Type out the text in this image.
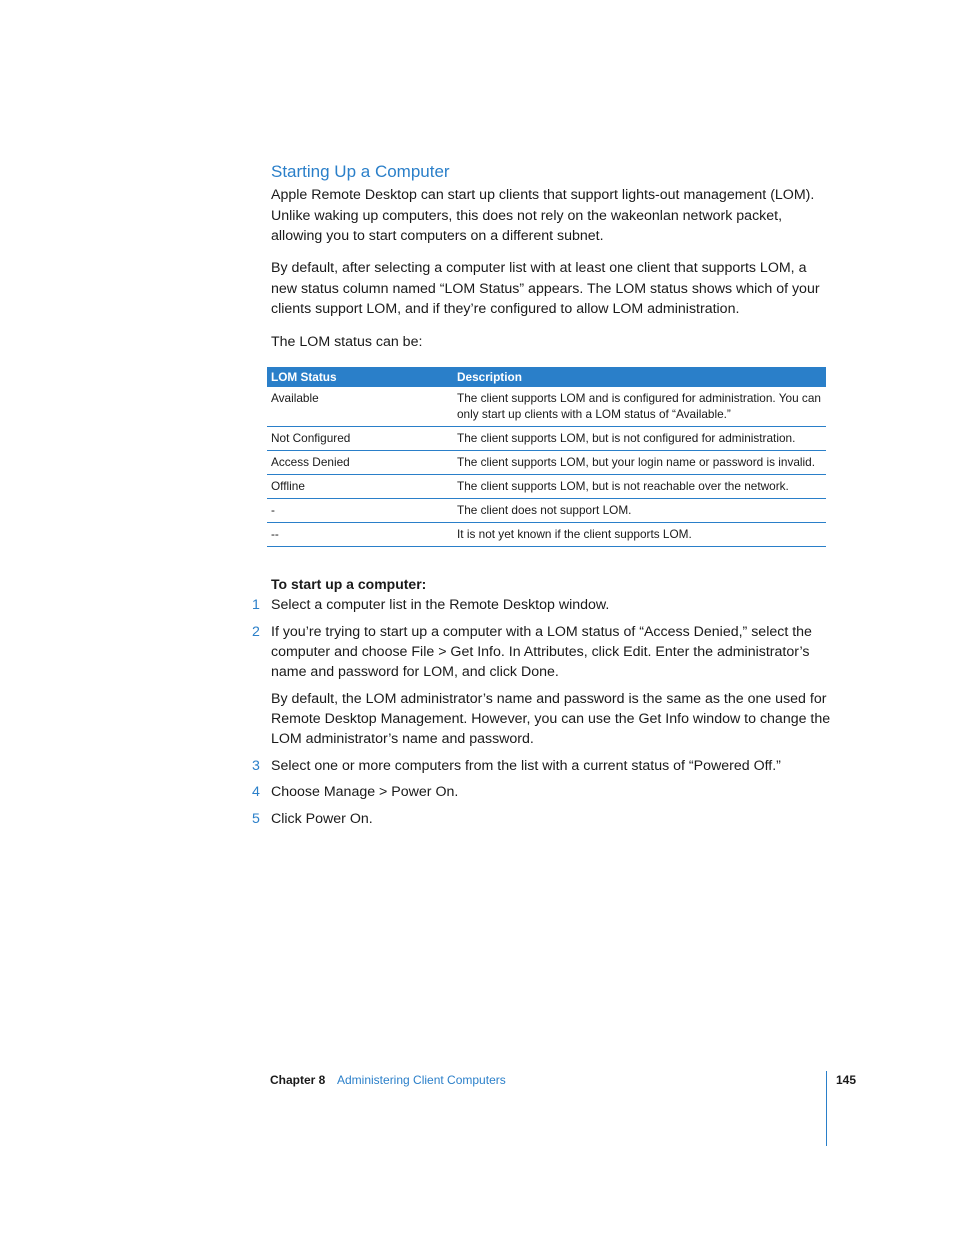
Starting Up a Computer

Apple Remote Desktop can start up clients that support lights-out management (LOM). Unlike waking up computers, this does not rely on the wakeonlan network packet, allowing you to start computers on a different subnet.

By default, after selecting a computer list with at least one client that supports LOM, a new status column named “LOM Status” appears. The LOM status shows which of your clients support LOM, and if they’re configured to allow LOM administration.

The LOM status can be:

LOM Status	Description
Available	The client supports LOM and is configured for administration. You can only start up clients with a LOM status of “Available.”
Not Configured	The client supports LOM, but is not configured for administration.
Access Denied	The client supports LOM, but your login name or password is invalid.
Offline	The client supports LOM, but is not reachable over the network.
-	The client does not support LOM.
--	It is not yet known if the client supports LOM.
To start up a computer:
1 Select a computer list in the Remote Desktop window.
2 If you’re trying to start up a computer with a LOM status of “Access Denied,” select the computer and choose File > Get Info. In Attributes, click Edit. Enter the administrator’s name and password for LOM, and click Done.
By default, the LOM administrator’s name and password is the same as the one used for Remote Desktop Management. However, you can use the Get Info window to change the LOM administrator’s name and password.
3 Select one or more computers from the list with a current status of “Powered Off.”
4 Choose Manage > Power On.
5 Click Power On.
Chapter 8 Administering Client Computers	145
